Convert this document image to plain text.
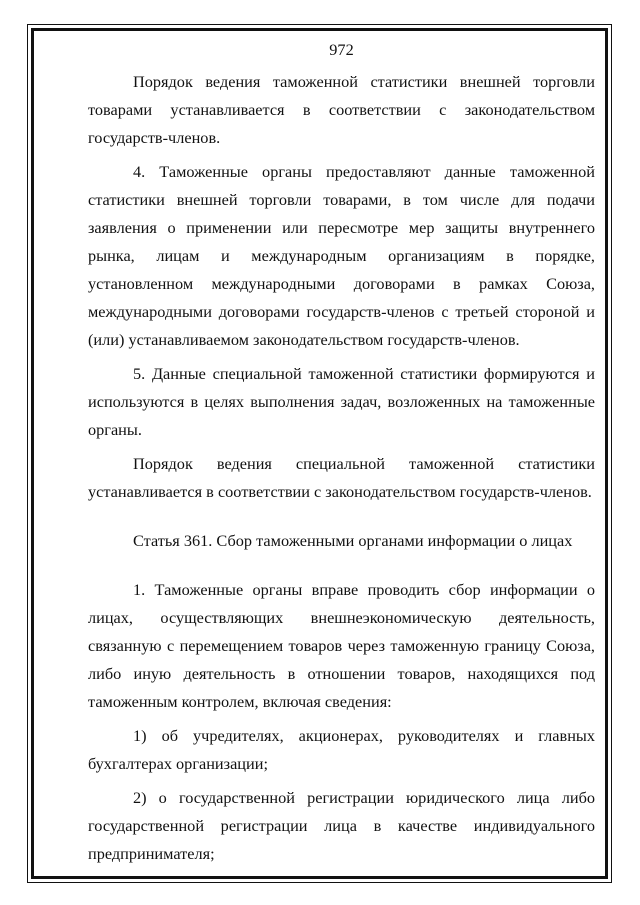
972

Порядок ведения таможенной статистики внешней торговли товарами устанавливается в соответствии с законодательством государств-членов.

4. Таможенные органы предоставляют данные таможенной статистики внешней торговли товарами, в том числе для подачи заявления о применении или пересмотре мер защиты внутреннего рынка, лицам и международным организациям в порядке, установленном международными договорами в рамках Союза, международными договорами государств-членов с третьей стороной и (или) устанавливаемом законодательством государств-членов.

5. Данные специальной таможенной статистики формируются и используются в целях выполнения задач, возложенных на таможенные органы.

Порядок ведения специальной таможенной статистики устанавливается в соответствии с законодательством государств-членов.

Статья 361. Сбор таможенными органами информации о лицах

1. Таможенные органы вправе проводить сбор информации о лицах, осуществляющих внешнеэкономическую деятельность, связанную с перемещением товаров через таможенную границу Союза, либо иную деятельность в отношении товаров, находящихся под таможенным контролем, включая сведения:

1) об учредителях, акционерах, руководителях и главных бухгалтерах организации;

2) о государственной регистрации юридического лица либо государственной регистрации лица в качестве индивидуального предпринимателя;
